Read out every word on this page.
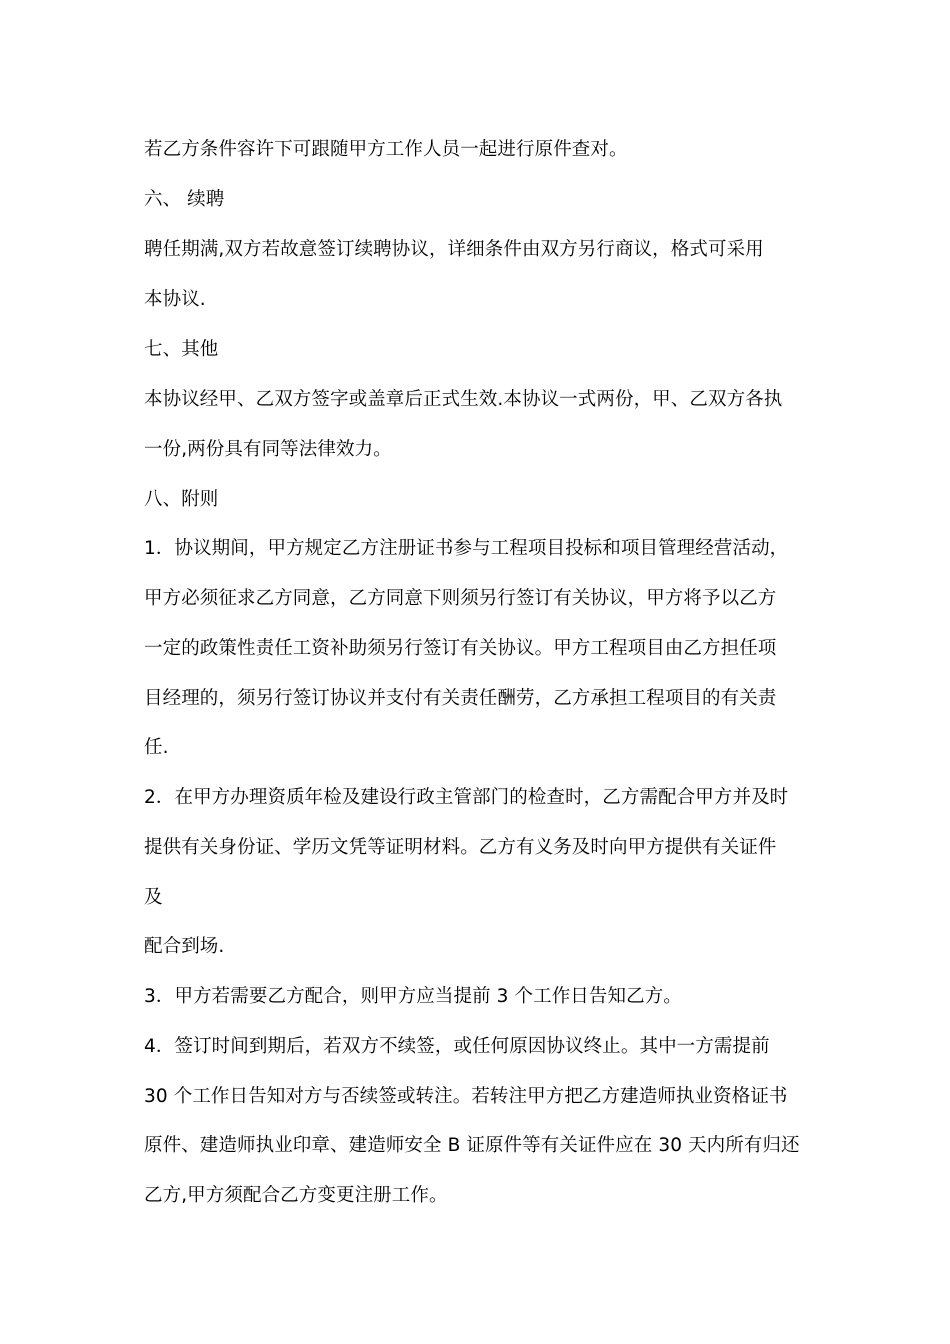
若乙方条件容许下可跟随甲方工作人员一起进行原件查对。
六、 续聘
聘任期满,双方若故意签订续聘协议，详细条件由双方另行商议，格式可采用
本协议.
七、其他
本协议经甲、乙双方签字或盖章后正式生效.本协议一式两份，甲、乙双方各执
一份,两份具有同等法律效力。
八、附则
1．协议期间，甲方规定乙方注册证书参与工程项目投标和项目管理经营活动，
甲方必须征求乙方同意，乙方同意下则须另行签订有关协议，甲方将予以乙方
一定的政策性责任工资补助须另行签订有关协议。甲方工程项目由乙方担任项
目经理的，须另行签订协议并支付有关责任酬劳，乙方承担工程项目的有关责
任.
2．在甲方办理资质年检及建设行政主管部门的检查时，乙方需配合甲方并及时
提供有关身份证、学历文凭等证明材料。乙方有义务及时向甲方提供有关证件
及
配合到场.
3．甲方若需要乙方配合，则甲方应当提前 3 个工作日告知乙方。
4．签订时间到期后，若双方不续签，或任何原因协议终止。其中一方需提前
30 个工作日告知对方与否续签或转注。若转注甲方把乙方建造师执业资格证书
原件、建造师执业印章、建造师安全 B 证原件等有关证件应在 30 天内所有归还
乙方,甲方须配合乙方变更注册工作。
